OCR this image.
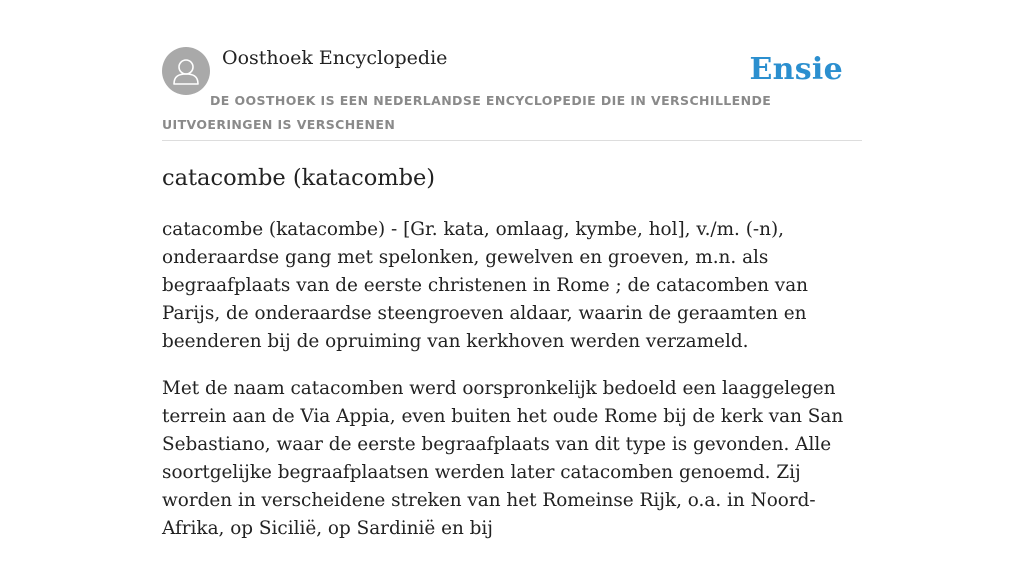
Oosthoek Encyclopedie	Ensie
DE OOSTHOEK IS EEN NEDERLANDSE ENCYCLOPEDIE DIE IN VERSCHILLENDE UITVOERINGEN IS VERSCHENEN
catacombe (katacombe)

catacombe (katacombe) - [Gr. kata, omlaag, kymbe, hol], v./m. (-n), onderaardse gang met spelonken, gewelven en groeven, m.n. als begraafplaats van de eerste christenen in Rome ; de catacomben van Parijs, de onderaardse steengroeven aldaar, waarin de geraamten en beenderen bij de opruiming van kerkhoven werden verzameld.

Met de naam catacomben werd oorspronkelijk bedoeld een laaggelegen terrein aan de Via Appia, even buiten het oude Rome bij de kerk van San Sebastiano, waar de eerste begraafplaats van dit type is gevonden. Alle soortgelijke begraafplaatsen werden later catacomben genoemd. Zij worden in verscheidene streken van het Romeinse Rijk, o.a. in Noord-Afrika, op Sicilië, op Sardinië en bij
